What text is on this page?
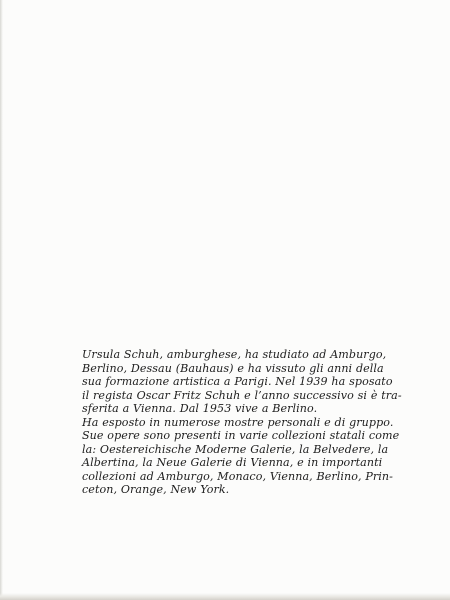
Ursula Schuh, amburghese, ha studiato ad Amburgo,
Berlino, Dessau (Bauhaus) e ha vissuto gli anni della
sua formazione artistica a Parigi. Nel 1939 ha sposato
il regista Oscar Fritz Schuh e l’anno successivo si è tra-
sferita a Vienna. Dal 1953 vive a Berlino.
Ha esposto in numerose mostre personali e di gruppo.
Sue opere sono presenti in varie collezioni statali come
la: Oestereichische Moderne Galerie, la Belvedere, la
Albertina, la Neue Galerie di Vienna, e in importanti
collezioni ad Amburgo, Monaco, Vienna, Berlino, Prin-
ceton, Orange, New York.
